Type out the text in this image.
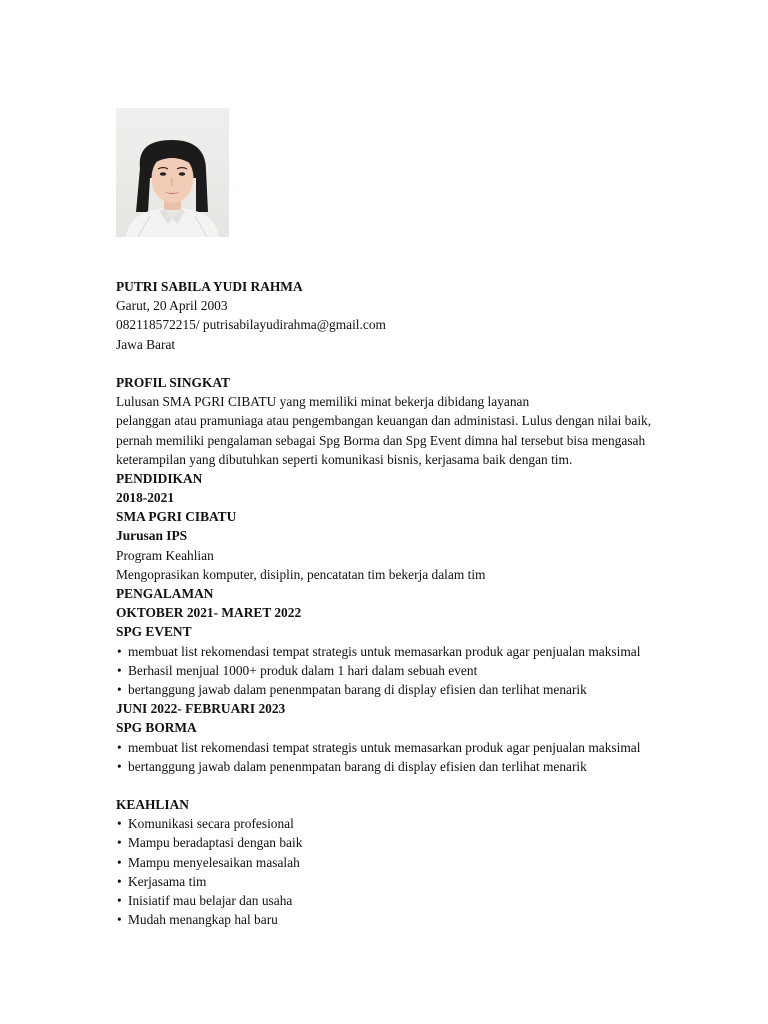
PUTRI SABILA YUDI RAHMA
Garut, 20 April 2003
082118572215/ putrisabilayudirahma@gmail.com
Jawa Barat
PROFIL SINGKAT
Lulusan SMA PGRI CIBATU yang memiliki minat bekerja dibidang layanan
pelanggan atau pramuniaga atau pengembangan keuangan dan administasi. Lulus dengan nilai baik,
pernah memiliki pengalaman sebagai Spg Borma dan Spg Event dimna hal tersebut bisa mengasah
keterampilan yang dibutuhkan seperti komunikasi bisnis, kerjasama baik dengan tim.
PENDIDIKAN
2018-2021
SMA PGRI CIBATU
Jurusan IPS
Program Keahlian
Mengoprasikan komputer, disiplin, pencatatan tim bekerja dalam tim
PENGALAMAN
OKTOBER 2021- MARET 2022
SPG EVENT
• membuat list rekomendasi tempat strategis untuk memasarkan produk agar penjualan maksimal
• Berhasil menjual 1000+ produk dalam 1 hari dalam sebuah event
• bertanggung jawab dalam penenmpatan barang di display efisien dan terlihat menarik
JUNI 2022- FEBRUARI 2023
SPG BORMA
• membuat list rekomendasi tempat strategis untuk memasarkan produk agar penjualan maksimal
• bertanggung jawab dalam penenmpatan barang di display efisien dan terlihat menarik
KEAHLIAN
• Komunikasi secara profesional
• Mampu beradaptasi dengan baik
• Mampu menyelesaikan masalah
• Kerjasama tim
• Inisiatif mau belajar dan usaha
• Mudah menangkap hal baru
